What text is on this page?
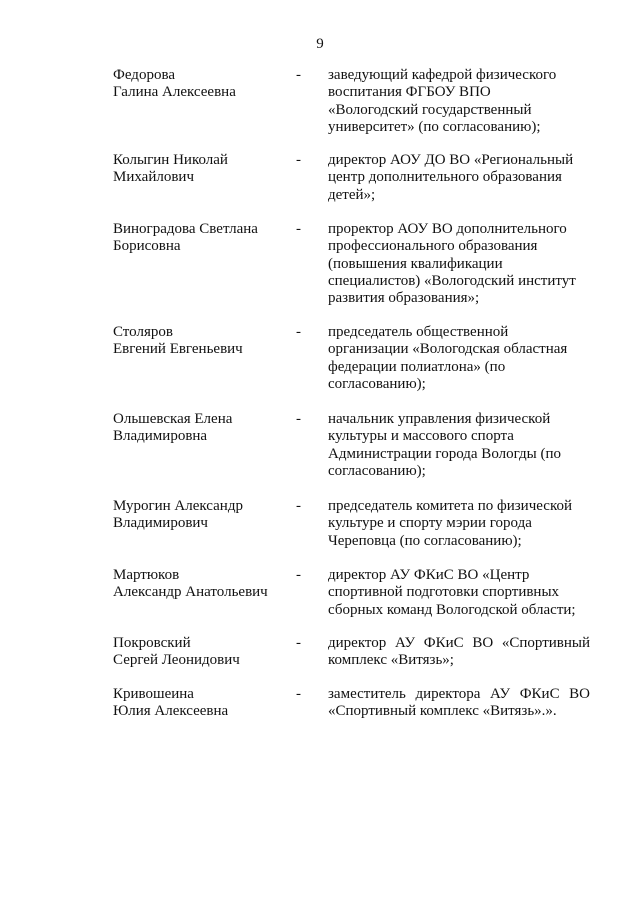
9
Федорова
Галина Алексеевна
-	заведующий кафедрой физического
воспитания ФГБОУ ВПО
«Вологодский государственный
университет» (по согласованию);
Колыгин Николай
Михайлович
-	директор АОУ ДО ВО «Региональный
центр дополнительного образования
детей»;
Виноградова Светлана
Борисовна
-	проректор АОУ ВО дополнительного
профессионального образования
(повышения квалификации
специалистов) «Вологодский институт
развития образования»;
Столяров
Евгений Евгеньевич
-	председатель общественной
организации «Вологодская областная
федерации полиатлона» (по
согласованию);
Ольшевская Елена
Владимировна
-	начальник управления физической
культуры и массового спорта
Администрации города Вологды (по
согласованию);
Мурогин Александр
Владимирович
-	председатель комитета по физической
культуре и спорту мэрии города
Череповца (по согласованию);
Мартюков
Александр Анатольевич
-	директор АУ ФКиС ВО «Центр
спортивной подготовки спортивных
сборных команд Вологодской области;
Покровский
Сергей Леонидович
-	директор АУ ФКиС ВО «Спортивный
комплекс «Витязь»;
Кривошеина
Юлия Алексеевна
-	заместитель директора АУ ФКиС ВО
«Спортивный комплекс «Витязь».».
